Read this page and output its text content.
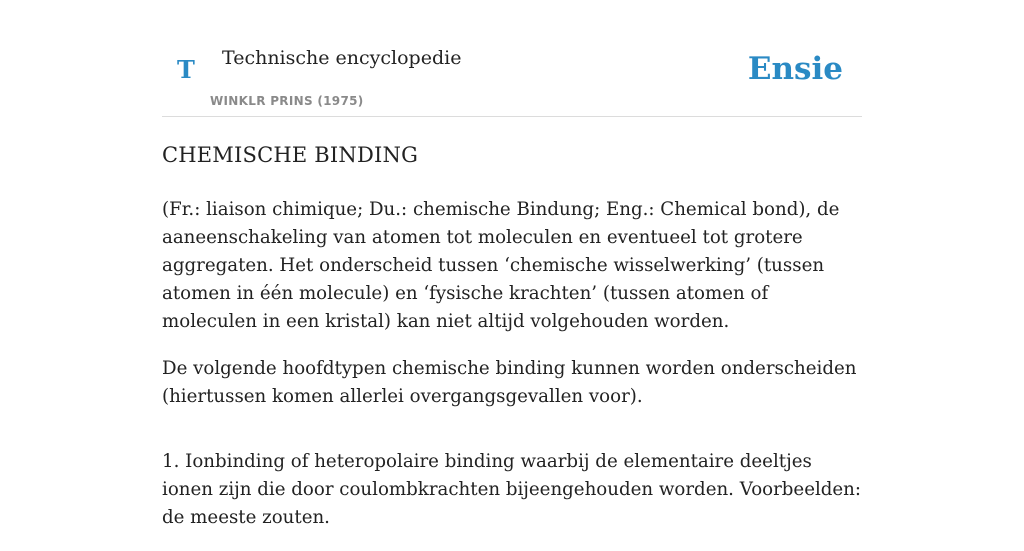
T Technische encyclopedie
WINKLR PRINS (1975)
Ensie
CHEMISCHE BINDING

(Fr.: liaison chimique; Du.: chemische Bindung; Eng.: Chemical bond), de aaneenschakeling van atomen tot moleculen en eventueel tot grotere aggregaten. Het onderscheid tussen ‘chemische wisselwerking’ (tussen atomen in één molecule) en ‘fysische krachten’ (tussen atomen of moleculen in een kristal) kan niet altijd volgehouden worden.

De volgende hoofdtypen chemische binding kunnen worden onderscheiden (hiertussen komen allerlei overgangsgevallen voor).

1. Ionbinding of heteropolaire binding waarbij de elementaire deeltjes ionen zijn die door coulombkrachten bijeengehouden worden. Voorbeelden: de meeste zouten.
